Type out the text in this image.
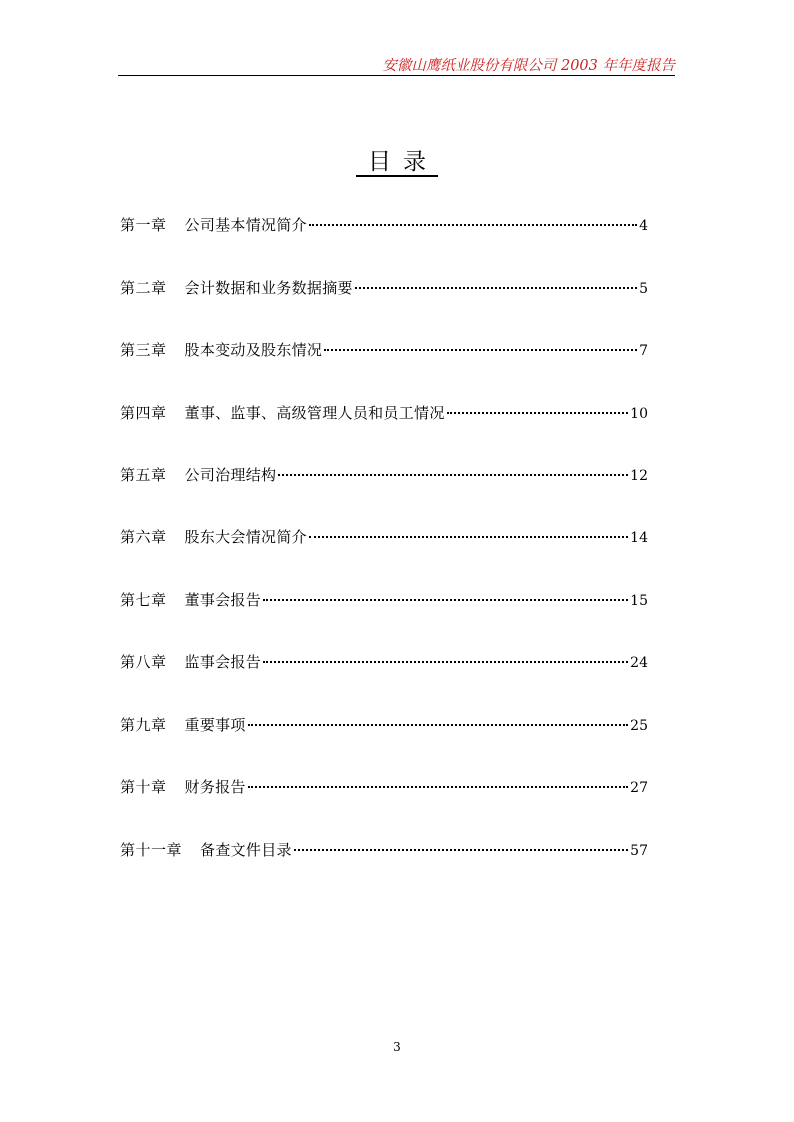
安徽山鹰纸业股份有限公司 2003 年年度报告
目录
第一章 公司基本情况简介	4
第二章 会计数据和业务数据摘要	5
第三章 股本变动及股东情况	7
第四章 董事、监事、高级管理人员和员工情况	10
第五章 公司治理结构	12
第六章 股东大会情况简介	14
第七章 董事会报告	15
第八章 监事会报告	24
第九章 重要事项	25
第十章 财务报告	27
第十一章 备查文件目录	57
3
